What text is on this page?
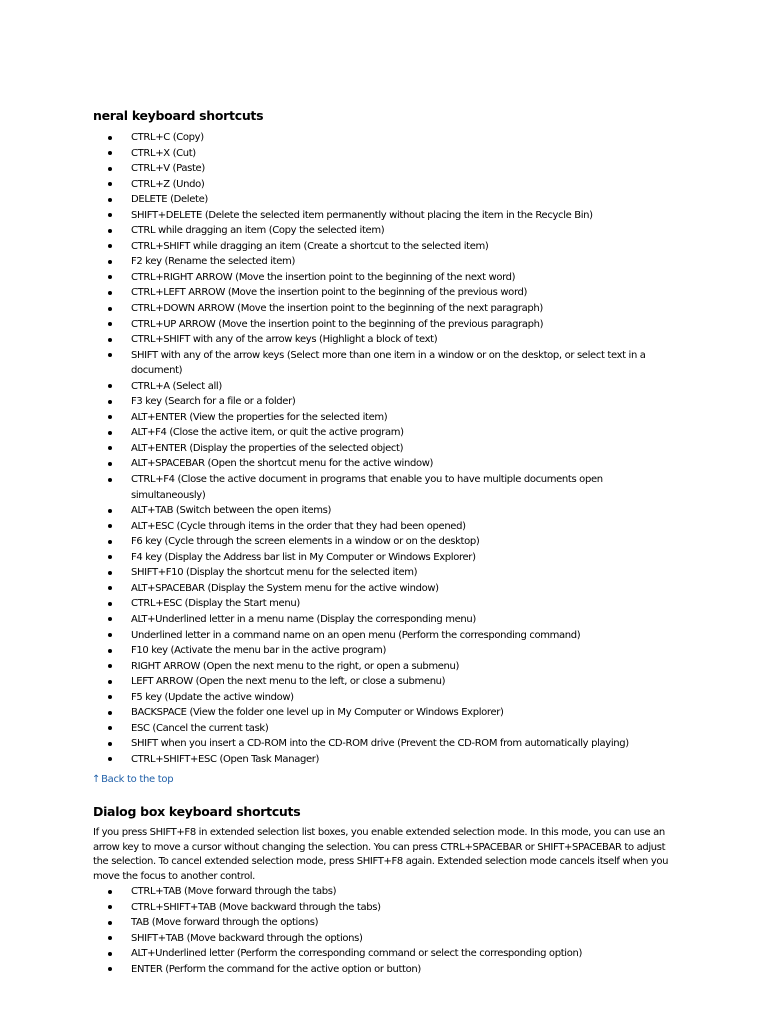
neral keyboard shortcuts
CTRL+C (Copy)
CTRL+X (Cut)
CTRL+V (Paste)
CTRL+Z (Undo)
DELETE (Delete)
SHIFT+DELETE (Delete the selected item permanently without placing the item in the Recycle Bin)
CTRL while dragging an item (Copy the selected item)
CTRL+SHIFT while dragging an item (Create a shortcut to the selected item)
F2 key (Rename the selected item)
CTRL+RIGHT ARROW (Move the insertion point to the beginning of the next word)
CTRL+LEFT ARROW (Move the insertion point to the beginning of the previous word)
CTRL+DOWN ARROW (Move the insertion point to the beginning of the next paragraph)
CTRL+UP ARROW (Move the insertion point to the beginning of the previous paragraph)
CTRL+SHIFT with any of the arrow keys (Highlight a block of text)
SHIFT with any of the arrow keys (Select more than one item in a window or on the desktop, or select text in a document)
CTRL+A (Select all)
F3 key (Search for a file or a folder)
ALT+ENTER (View the properties for the selected item)
ALT+F4 (Close the active item, or quit the active program)
ALT+ENTER (Display the properties of the selected object)
ALT+SPACEBAR (Open the shortcut menu for the active window)
CTRL+F4 (Close the active document in programs that enable you to have multiple documents open simultaneously)
ALT+TAB (Switch between the open items)
ALT+ESC (Cycle through items in the order that they had been opened)
F6 key (Cycle through the screen elements in a window or on the desktop)
F4 key (Display the Address bar list in My Computer or Windows Explorer)
SHIFT+F10 (Display the shortcut menu for the selected item)
ALT+SPACEBAR (Display the System menu for the active window)
CTRL+ESC (Display the Start menu)
ALT+Underlined letter in a menu name (Display the corresponding menu)
Underlined letter in a command name on an open menu (Perform the corresponding command)
F10 key (Activate the menu bar in the active program)
RIGHT ARROW (Open the next menu to the right, or open a submenu)
LEFT ARROW (Open the next menu to the left, or close a submenu)
F5 key (Update the active window)
BACKSPACE (View the folder one level up in My Computer or Windows Explorer)
ESC (Cancel the current task)
SHIFT when you insert a CD-ROM into the CD-ROM drive (Prevent the CD-ROM from automatically playing)
CTRL+SHIFT+ESC (Open Task Manager)
↑Back to the top
Dialog box keyboard shortcuts

If you press SHIFT+F8 in extended selection list boxes, you enable extended selection mode. In this mode, you can use an arrow key to move a cursor without changing the selection. You can press CTRL+SPACEBAR or SHIFT+SPACEBAR to adjust the selection. To cancel extended selection mode, press SHIFT+F8 again. Extended selection mode cancels itself when you move the focus to another control.

CTRL+TAB (Move forward through the tabs)
CTRL+SHIFT+TAB (Move backward through the tabs)
TAB (Move forward through the options)
SHIFT+TAB (Move backward through the options)
ALT+Underlined letter (Perform the corresponding command or select the corresponding option)
ENTER (Perform the command for the active option or button)
